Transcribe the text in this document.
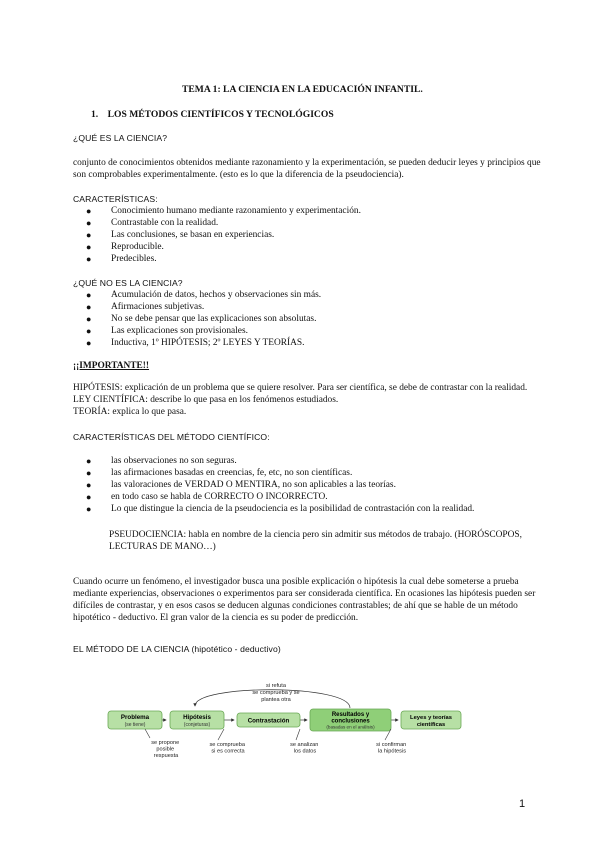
TEMA 1: LA CIENCIA EN LA EDUCACIÓN INFANTIL.
1. LOS MÉTODOS CIENTÍFICOS Y TECNOLÓGICOS
¿QUÉ ES LA CIENCIA?
conjunto de conocimientos obtenidos mediante razonamiento y la experimentación, se pueden deducir leyes y principios que
son comprobables experimentalmente. (esto es lo que la diferencia de la pseudociencia).
CARACTERÍSTICAS:
● Conocimiento humano mediante razonamiento y experimentación.
● Contrastable con la realidad.
● Las conclusiones, se basan en experiencias.
● Reproducible.
● Predecibles.
¿QUÉ NO ES LA CIENCIA?
● Acumulación de datos, hechos y observaciones sin más.
● Afirmaciones subjetivas.
● No se debe pensar que las explicaciones son absolutas.
● Las explicaciones son provisionales.
● Inductiva, 1º HIPÓTESIS; 2º LEYES Y TEORÍAS.
¡¡IMPORTANTE!!
HIPÓTESIS: explicación de un problema que se quiere resolver. Para ser científica, se debe de contrastar con la realidad.
LEY CIENTÍFICA: describe lo que pasa en los fenómenos estudiados.
TEORÍA: explica lo que pasa.
CARACTERÍSTICAS DEL MÉTODO CIENTÍFICO:
● las observaciones no son seguras.
● las afirmaciones basadas en creencias, fe, etc, no son científicas.
● las valoraciones de VERDAD O MENTIRA, no son aplicables a las teorías.
● en todo caso se habla de CORRECTO O INCORRECTO.
● Lo que distingue la ciencia de la pseudociencia es la posibilidad de contrastación con la realidad.
PSEUDOCIENCIA: habla en nombre de la ciencia pero sin admitir sus métodos de trabajo. (HORÓSCOPOS,
LECTURAS DE MANO…)
Cuando ocurre un fenómeno, el investigador busca una posible explicación o hipótesis la cual debe someterse a prueba
mediante experiencias, observaciones o experimentos para ser considerada científica. En ocasiones las hipótesis pueden ser
difíciles de contrastar, y en esos casos se deducen algunas condiciones contrastables; de ahí que se hable de un método
hipotético - deductivo. El gran valor de la ciencia es su poder de predicción.
EL MÉTODO DE LA CIENCIA (hipotético - deductivo)
si refuta
se comprueba y se
plantea otra
Problema
(se tiene)
Hipótesis
(conjeturas)
Contrastación
Resultados y
conclusiones
(basadas en el análisis)
Leyes y teorías
científicas
se propone posible respuesta
se comprueba si es correcta
se analizan los datos
si confirman la hipótesis
1
